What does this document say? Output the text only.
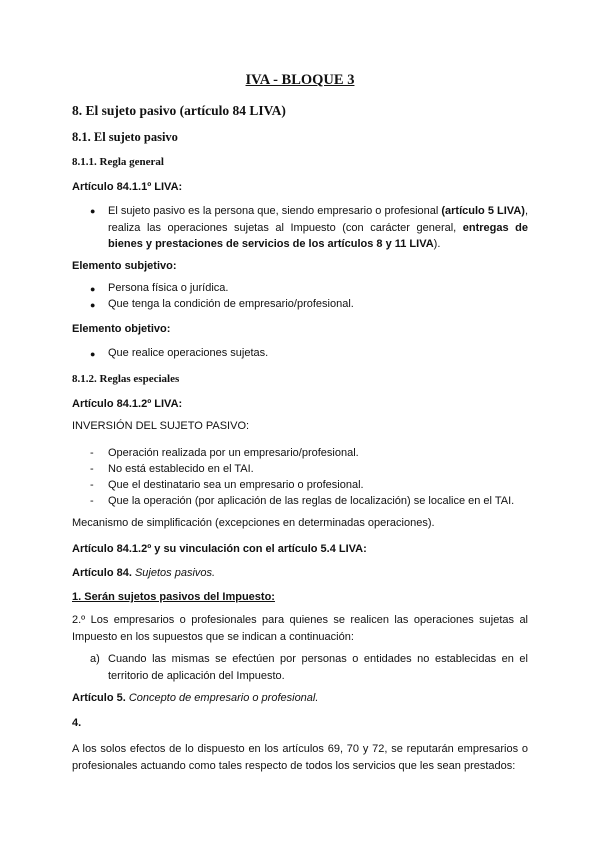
IVA - BLOQUE 3
8. El sujeto pasivo (artículo 84 LIVA)
8.1. El sujeto pasivo
8.1.1. Regla general
Artículo 84.1.1º LIVA:
● El sujeto pasivo es la persona que, siendo empresario o profesional (artículo 5 LIVA), realiza las operaciones sujetas al Impuesto (con carácter general, entregas de bienes y prestaciones de servicios de los artículos 8 y 11 LIVA).
Elemento subjetivo:
● Persona física o jurídica.
● Que tenga la condición de empresario/profesional.
Elemento objetivo:
● Que realice operaciones sujetas.
8.1.2. Reglas especiales
Artículo 84.1.2º LIVA:
INVERSIÓN DEL SUJETO PASIVO:
- Operación realizada por un empresario/profesional.
- No está establecido en el TAI.
- Que el destinatario sea un empresario o profesional.
- Que la operación (por aplicación de las reglas de localización) se localice en el TAI.
Mecanismo de simplificación (excepciones en determinadas operaciones).
Artículo 84.1.2º y su vinculación con el artículo 5.4 LIVA:
Artículo 84. Sujetos pasivos.
1. Serán sujetos pasivos del Impuesto:
2.º Los empresarios o profesionales para quienes se realicen las operaciones sujetas al Impuesto en los supuestos que se indican a continuación:
a) Cuando las mismas se efectúen por personas o entidades no establecidas en el territorio de aplicación del Impuesto.
Artículo 5. Concepto de empresario o profesional.
4.
A los solos efectos de lo dispuesto en los artículos 69, 70 y 72, se reputarán empresarios o profesionales actuando como tales respecto de todos los servicios que les sean prestados:
